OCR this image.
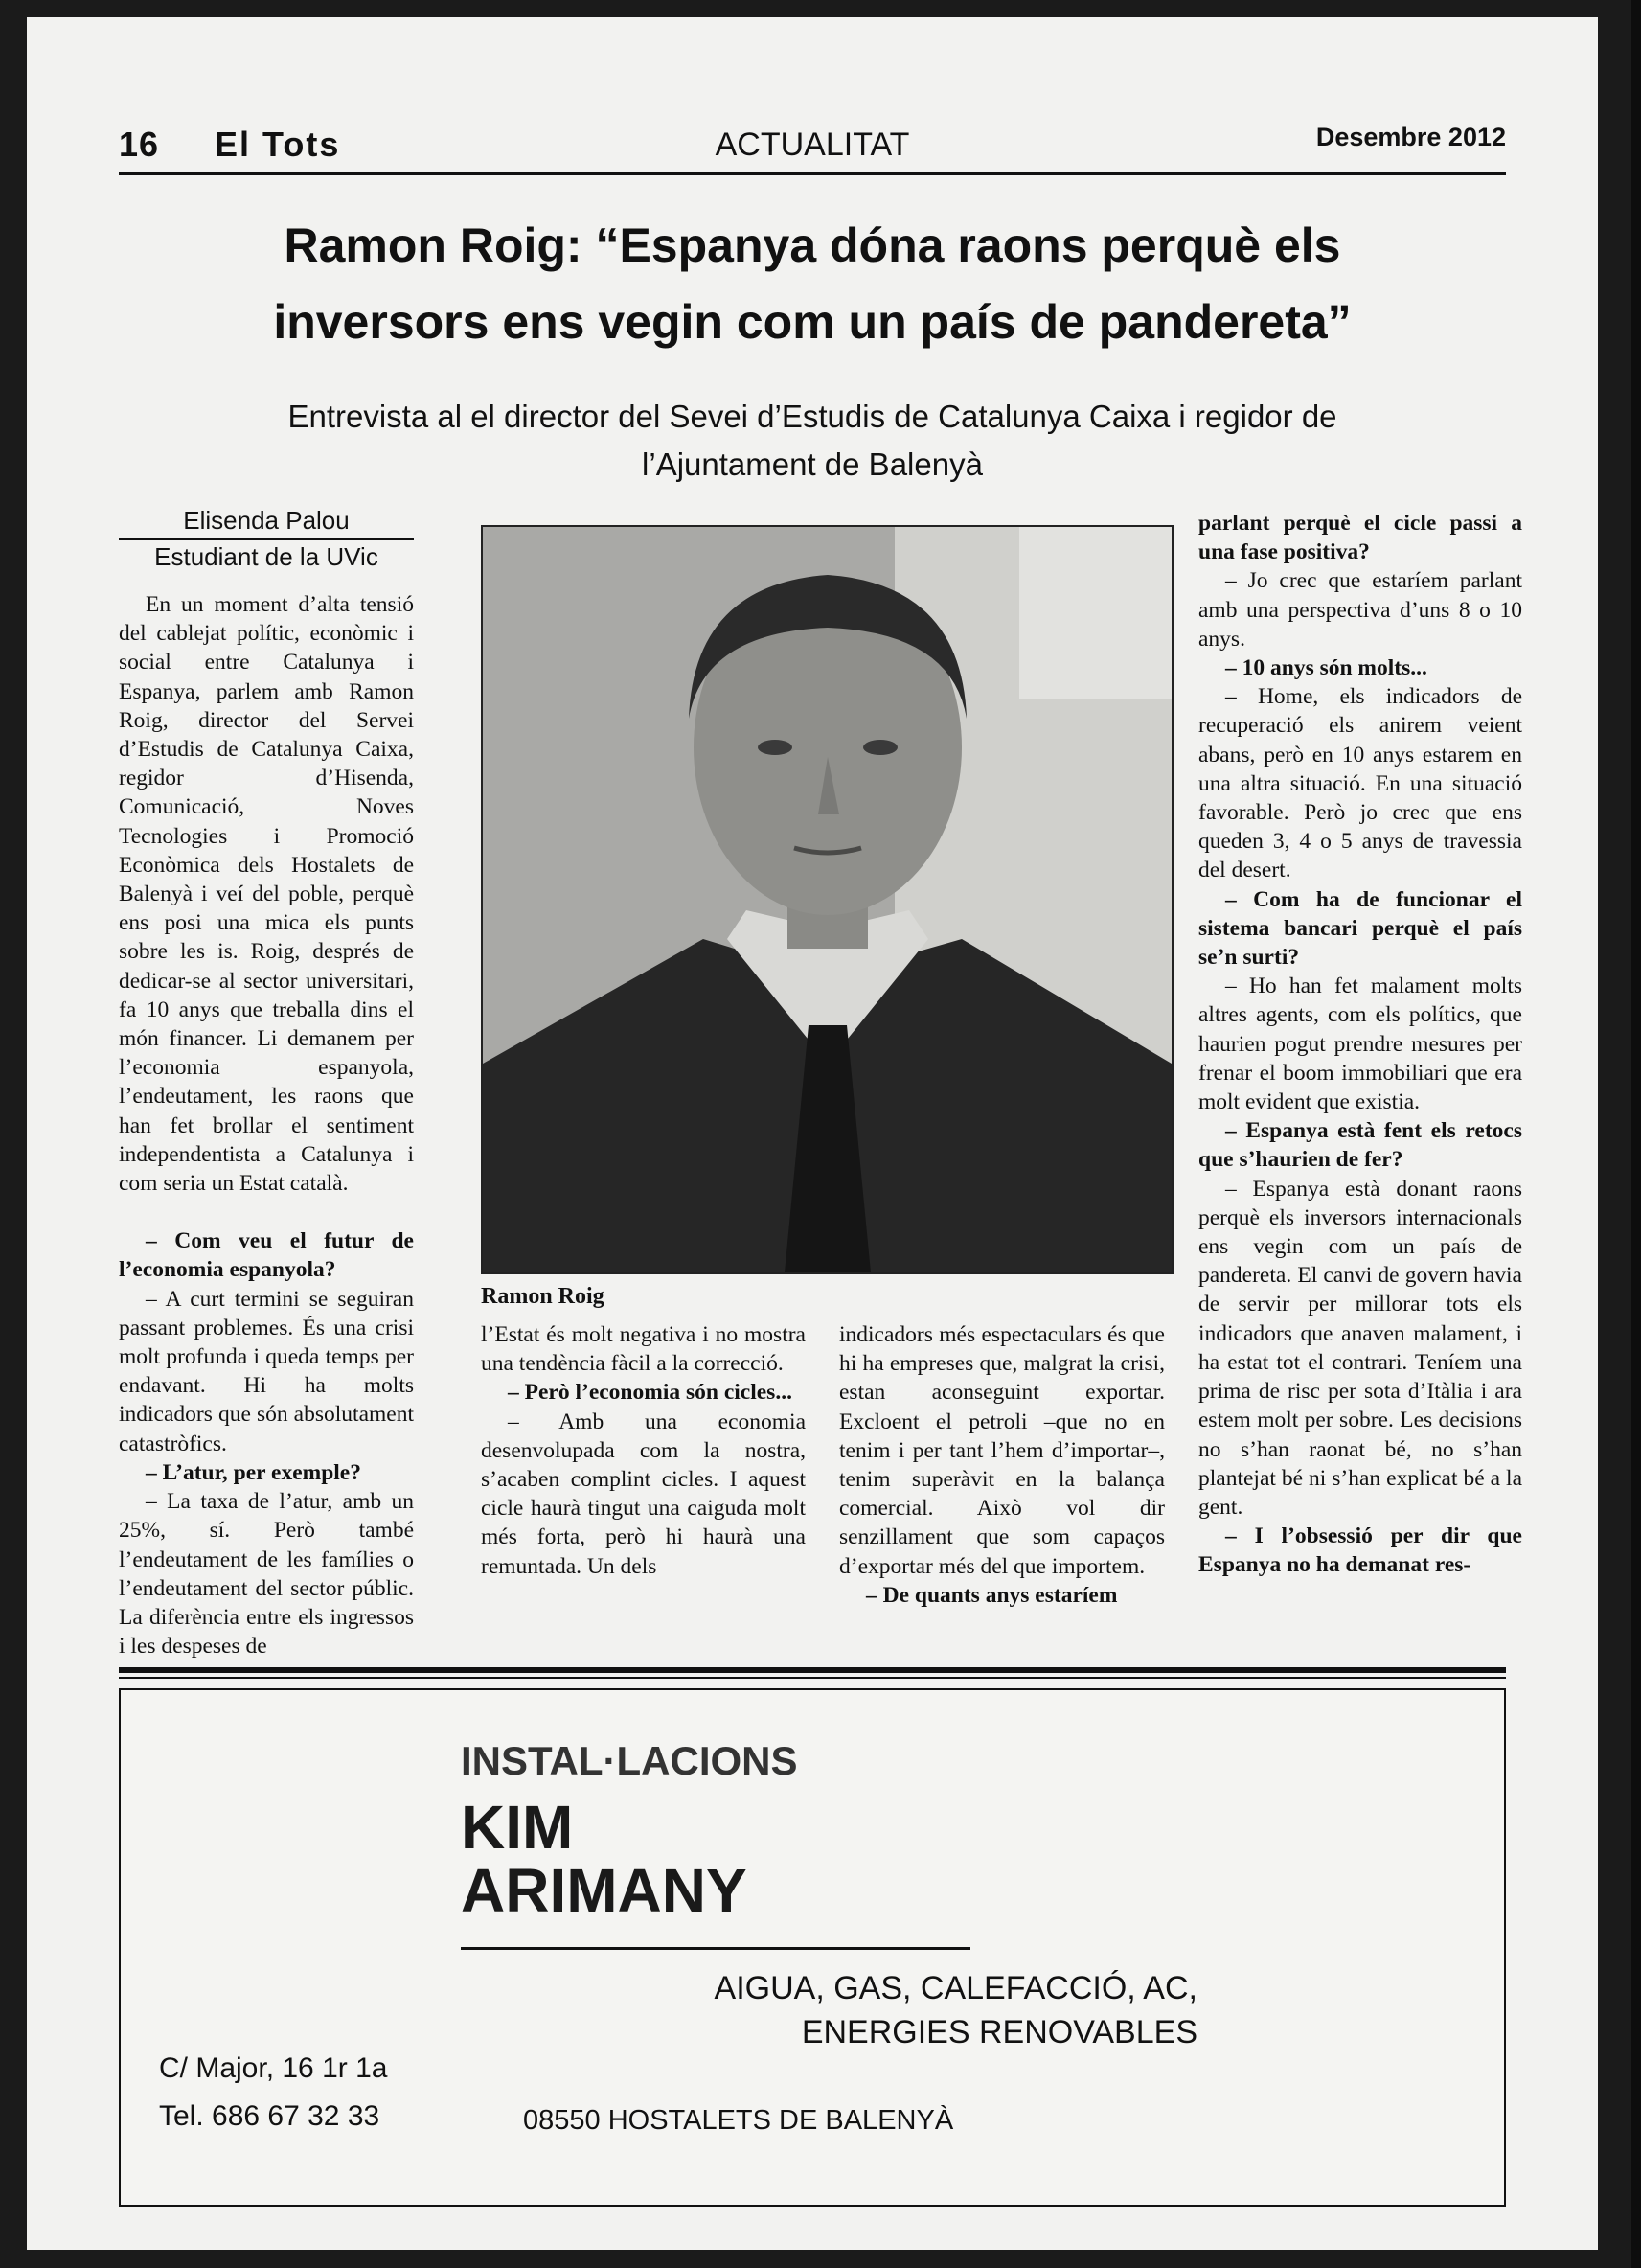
16 El Tots	ACTUALITAT	Desembre 2012
Ramon Roig: “Espanya dóna raons perquè els
inversors ens vegin com un país de pandereta”
Entrevista al el director del Sevei d’Estudis de Catalunya Caixa i regidor de
l’Ajuntament de Balenyà
Elisenda Palou
Estudiant de la UVic

En un moment d’alta tensió del cablejat polític, econòmic i social entre Catalunya i Espanya, parlem amb Ramon Roig, director del Servei d’Estudis de Catalunya Caixa, regidor d’Hisenda, Comunicació, Noves Tecnologies i Promoció Econòmica dels Hostalets de Balenyà i veí del poble, perquè ens posi una mica els punts sobre les is. Roig, després de dedicar-se al sector universitari, fa 10 anys que treballa dins el món financer. Li demanem per l’economia espanyola, l’endeutament, les raons que han fet brollar el sentiment independentista a Catalunya i com seria un Estat català.

– Com veu el futur de l’economia espanyola?

– A curt termini se seguiran passant problemes. És una crisi molt profunda i queda temps per endavant. Hi ha molts indicadors que són absolutament catastròfics.

– L’atur, per exemple?

– La taxa de l’atur, amb un 25%, sí. Però també l’endeutament de les famílies o l’endeutament del sector públic. La diferència entre els ingressos i les despeses de

Ramon Roig

l’Estat és molt negativa i no mostra una tendència fàcil a la correcció.

– Però l’economia són cicles...

– Amb una economia desenvolupada com la nostra, s’acaben complint cicles. I aquest cicle haurà tingut una caiguda molt més forta, però hi haurà una remuntada. Un dels

indicadors més espectaculars és que hi ha empreses que, malgrat la crisi, estan aconseguint exportar. Excloent el petroli –que no en tenim i per tant l’hem d’importar–, tenim superàvit en la balança comercial. Això vol dir senzillament que som capaços d’exportar més del que importem.

– De quants anys estaríem

parlant perquè el cicle passi a una fase positiva?

– Jo crec que estaríem parlant amb una perspectiva d’uns 8 o 10 anys.

– 10 anys són molts...

– Home, els indicadors de recuperació els anirem veient abans, però en 10 anys estarem en una altra situació. En una situació favorable. Però jo crec que ens queden 3, 4 o 5 anys de travessia del desert.

– Com ha de funcionar el sistema bancari perquè el país se’n surti?

– Ho han fet malament molts altres agents, com els polítics, que haurien pogut prendre mesures per frenar el boom immobiliari que era molt evident que existia.

– Espanya està fent els retocs que s’haurien de fer?

– Espanya està donant raons perquè els inversors internacionals ens vegin com un país de pandereta. El canvi de govern havia de servir per millorar tots els indicadors que anaven malament, i ha estat tot el contrari. Teníem una prima de risc per sota d’Itàlia i ara estem molt per sobre. Les decisions no s’han raonat bé, no s’han plantejat bé ni s’han explicat bé a la gent.

– I l’obsessió per dir que Espanya no ha demanat res-

INSTAL·LACIONS
KIM
ARIMANY
AIGUA, GAS, CALEFACCIÓ, AC,
ENERGIES RENOVABLES
C/ Major, 16 1r 1a
Tel. 686 67 32 33	08550 HOSTALETS DE BALENYÀ
